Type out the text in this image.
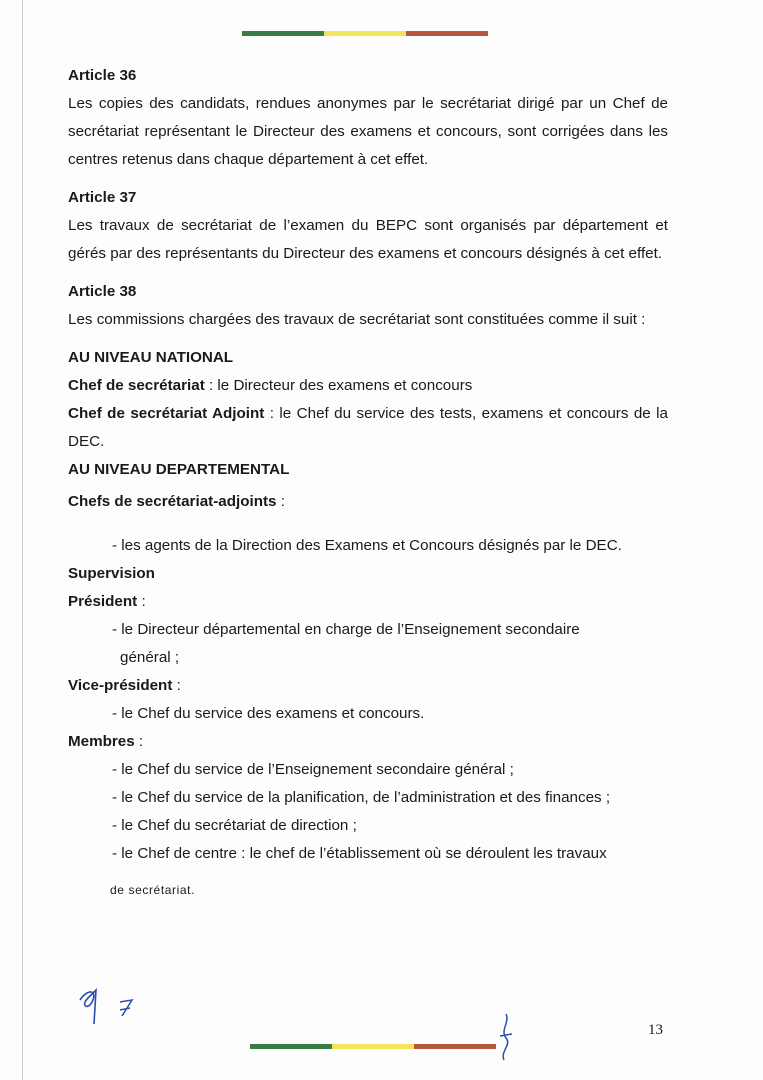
Article 36

Les copies des candidats, rendues anonymes par le secrétariat dirigé par un Chef de secrétariat représentant le Directeur des examens et concours, sont corrigées dans les centres retenus dans chaque département à cet effet.

Article 37

Les travaux de secrétariat de l’examen du BEPC sont organisés par département et gérés par des représentants du Directeur des examens et concours désignés à cet effet.

Article 38

Les commissions chargées des travaux de secrétariat sont constituées comme il suit :

AU NIVEAU NATIONAL

Chef de secrétariat : le Directeur des examens et concours

Chef de secrétariat Adjoint : le Chef du service des tests, examens et concours de la DEC.

AU NIVEAU DEPARTEMENTAL

Chefs de secrétariat-adjoints :

- les agents de la Direction des Examens et Concours désignés par le DEC.

Supervision

Président :

- le Directeur départemental en charge de l’Enseignement secondaire

général ;

Vice-président :

- le Chef du service des examens et concours.

Membres :

- le Chef du service de l’Enseignement secondaire général ;

- le Chef du service de la planification, de l’administration et des finances ;

- le Chef du secrétariat de direction ;

- le Chef de centre : le chef de l’établissement où se déroulent les travaux

de secrétariat.

13
